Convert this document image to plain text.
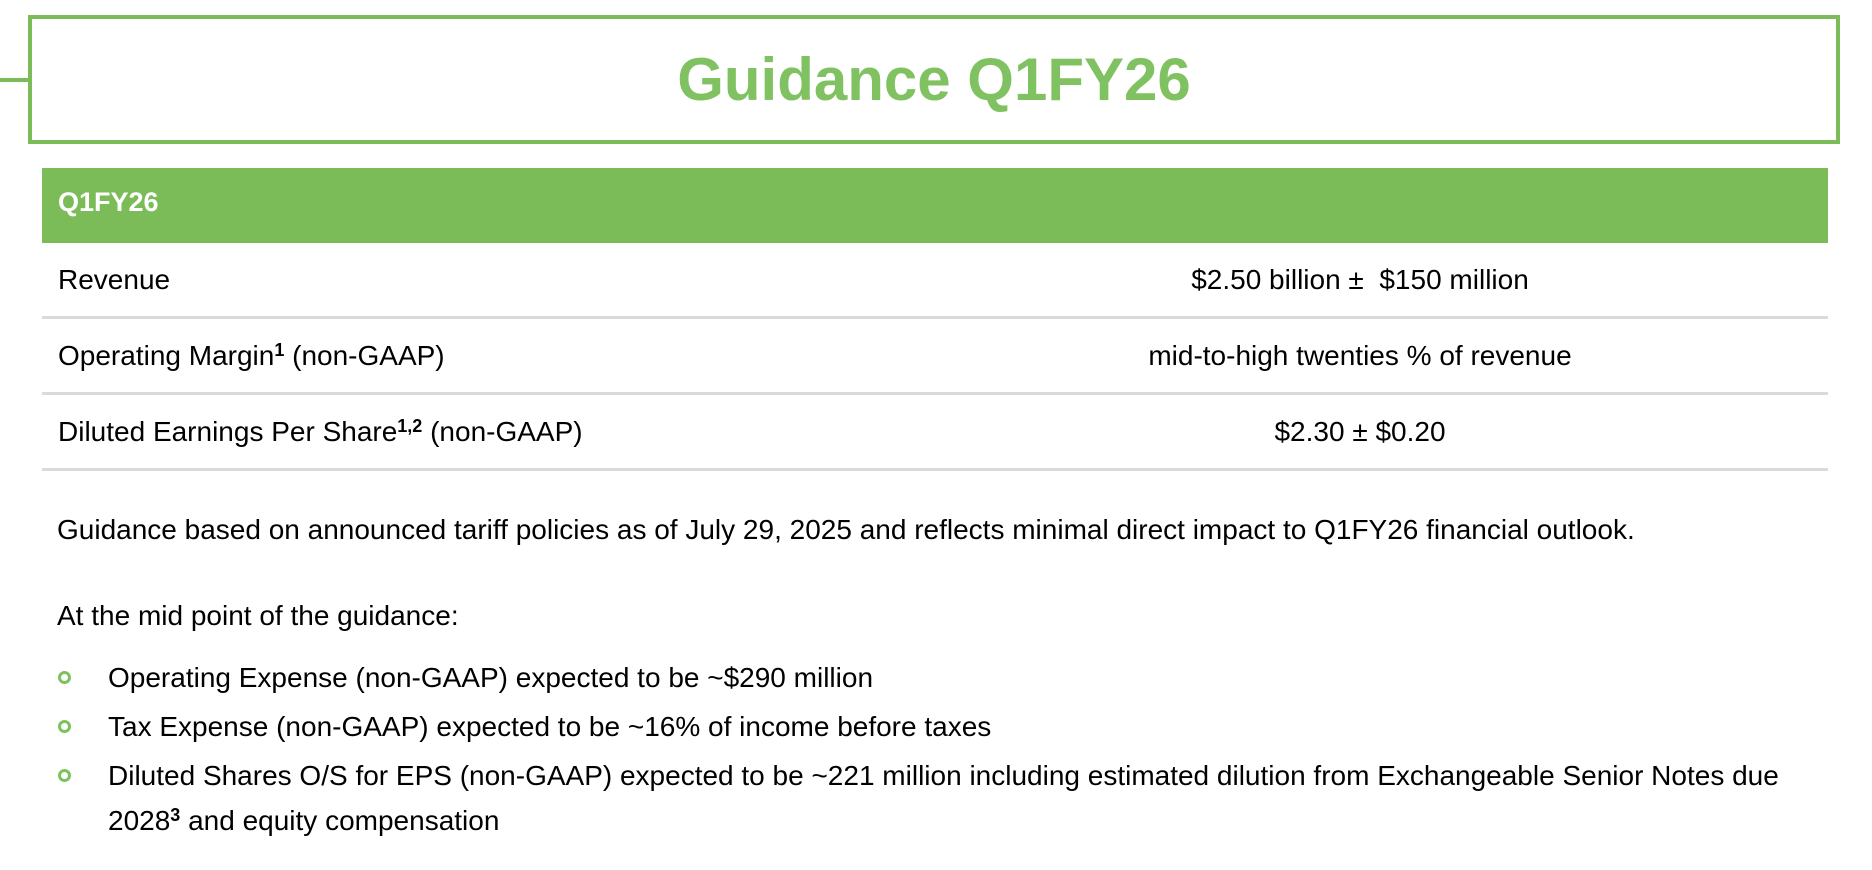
Guidance Q1FY26
Q1FY26
Revenue	$2.50 billion ±  $150 million
Operating Margin$^1$ (non-GAAP)	mid-to-high twenties % of revenue
Diluted Earnings Per Share$^{1,2}$ (non-GAAP)	$2.30 ± $0.20

Guidance based on announced tariff policies as of July 29, 2025 and reflects minimal direct impact to Q1FY26 financial outlook.

At the mid point of the guidance:

Operating Expense (non-GAAP) expected to be ~$290 million
Tax Expense (non-GAAP) expected to be ~16% of income before taxes
Diluted Shares O/S for EPS (non-GAAP) expected to be ~221 million including estimated dilution from Exchangeable Senior Notes due 2028$^3$ and equity compensation
